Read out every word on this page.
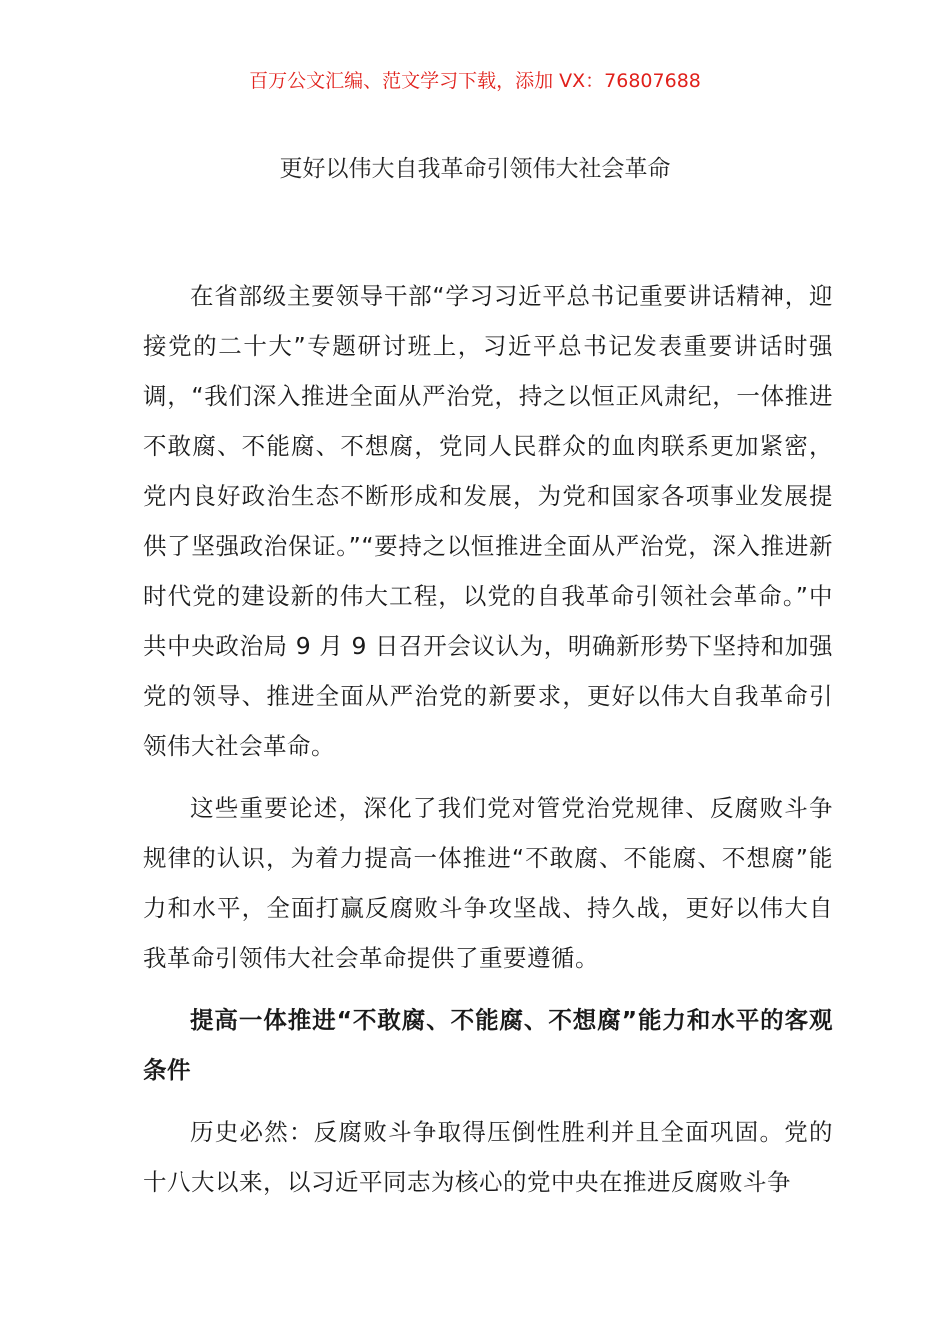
百万公文汇编、范文学习下载，添加 VX：76807688
更好以伟大自我革命引领伟大社会革命

在省部级主要领导干部“学习习近平总书记重要讲话精神，迎接党的二十大”专题研讨班上，习近平总书记发表重要讲话时强调，“我们深入推进全面从严治党，持之以恒正风肃纪，一体推进不敢腐、不能腐、不想腐，党同人民群众的血肉联系更加紧密，党内良好政治生态不断形成和发展，为党和国家各项事业发展提供了坚强政治保证。”“要持之以恒推进全面从严治党，深入推进新时代党的建设新的伟大工程，以党的自我革命引领社会革命。”中共中央政治局 9 月 9 日召开会议认为，明确新形势下坚持和加强党的领导、推进全面从严治党的新要求，更好以伟大自我革命引领伟大社会革命。

这些重要论述，深化了我们党对管党治党规律、反腐败斗争规律的认识，为着力提高一体推进“不敢腐、不能腐、不想腐”能力和水平，全面打赢反腐败斗争攻坚战、持久战，更好以伟大自我革命引领伟大社会革命提供了重要遵循。

提高一体推进“不敢腐、不能腐、不想腐”能力和水平的客观条件

历史必然：反腐败斗争取得压倒性胜利并且全面巩固。党的十八大以来，以习近平同志为核心的党中央在推进反腐败斗争
